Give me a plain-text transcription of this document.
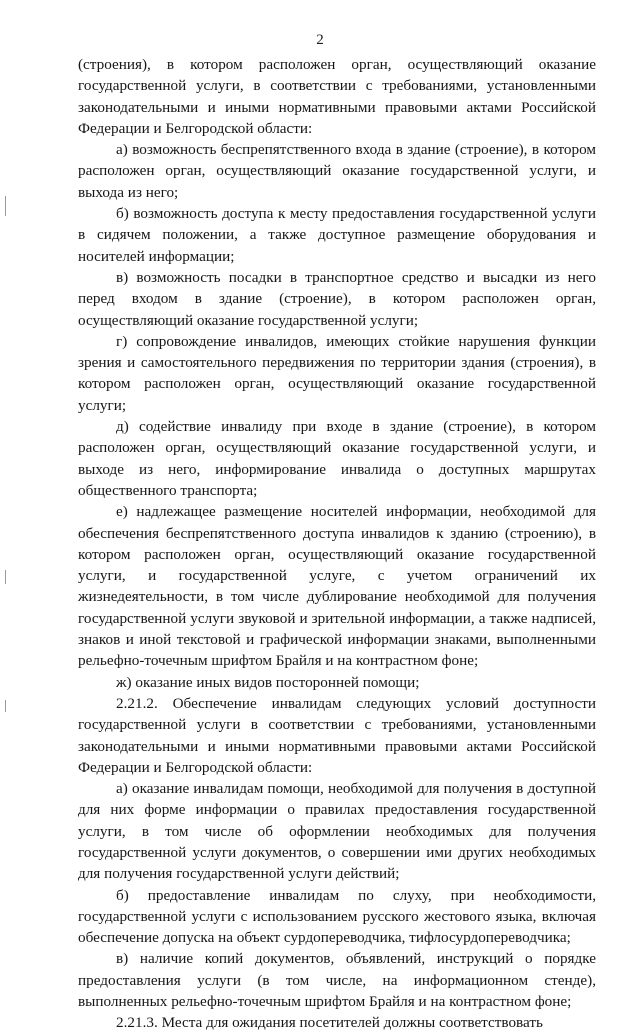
2

(строения), в котором расположен орган, осуществляющий оказание государственной услуги, в соответствии с требованиями, установленными законодательными и иными нормативными правовыми актами Российской Федерации и Белгородской области:

а) возможность беспрепятственного входа в здание (строение), в котором расположен орган, осуществляющий оказание государственной услуги, и выхода из него;

б) возможность доступа к месту предоставления государственной услуги в сидячем положении, а также доступное размещение оборудования и носителей информации;

в) возможность посадки в транспортное средство и высадки из него перед входом в здание (строение), в котором расположен орган, осуществляющий оказание государственной услуги;

г) сопровождение инвалидов, имеющих стойкие нарушения функции зрения и самостоятельного передвижения по территории здания (строения), в котором расположен орган, осуществляющий оказание государственной услуги;

д) содействие инвалиду при входе в здание (строение), в котором расположен орган, осуществляющий оказание государственной услуги, и выходе из него, информирование инвалида о доступных маршрутах общественного транспорта;

е) надлежащее размещение носителей информации, необходимой для обеспечения беспрепятственного доступа инвалидов к зданию (строению), в котором расположен орган, осуществляющий оказание государственной услуги, и государственной услуге, с учетом ограничений их жизнедеятельности, в том числе дублирование необходимой для получения государственной услуги звуковой и зрительной информации, а также надписей, знаков и иной текстовой и графической информации знаками, выполненными рельефно-точечным шрифтом Брайля и на контрастном фоне;

ж) оказание иных видов посторонней помощи;

2.21.2. Обеспечение инвалидам следующих условий доступности государственной услуги в соответствии с требованиями, установленными законодательными и иными нормативными правовыми актами Российской Федерации и Белгородской области:

а) оказание инвалидам помощи, необходимой для получения в доступной для них форме информации о правилах предоставления государственной услуги, в том числе об оформлении необходимых для получения государственной услуги документов, о совершении ими других необходимых для получения государственной услуги действий;

б) предоставление инвалидам по слуху, при необходимости, государственной услуги с использованием русского жестового языка, включая обеспечение допуска на объект сурдопереводчика, тифлосурдопереводчика;

в) наличие копий документов, объявлений, инструкций о порядке предоставления услуги (в том числе, на информационном стенде), выполненных рельефно-точечным шрифтом Брайля и на контрастном фоне;

2.21.3. Места для ожидания посетителей должны соответствовать
